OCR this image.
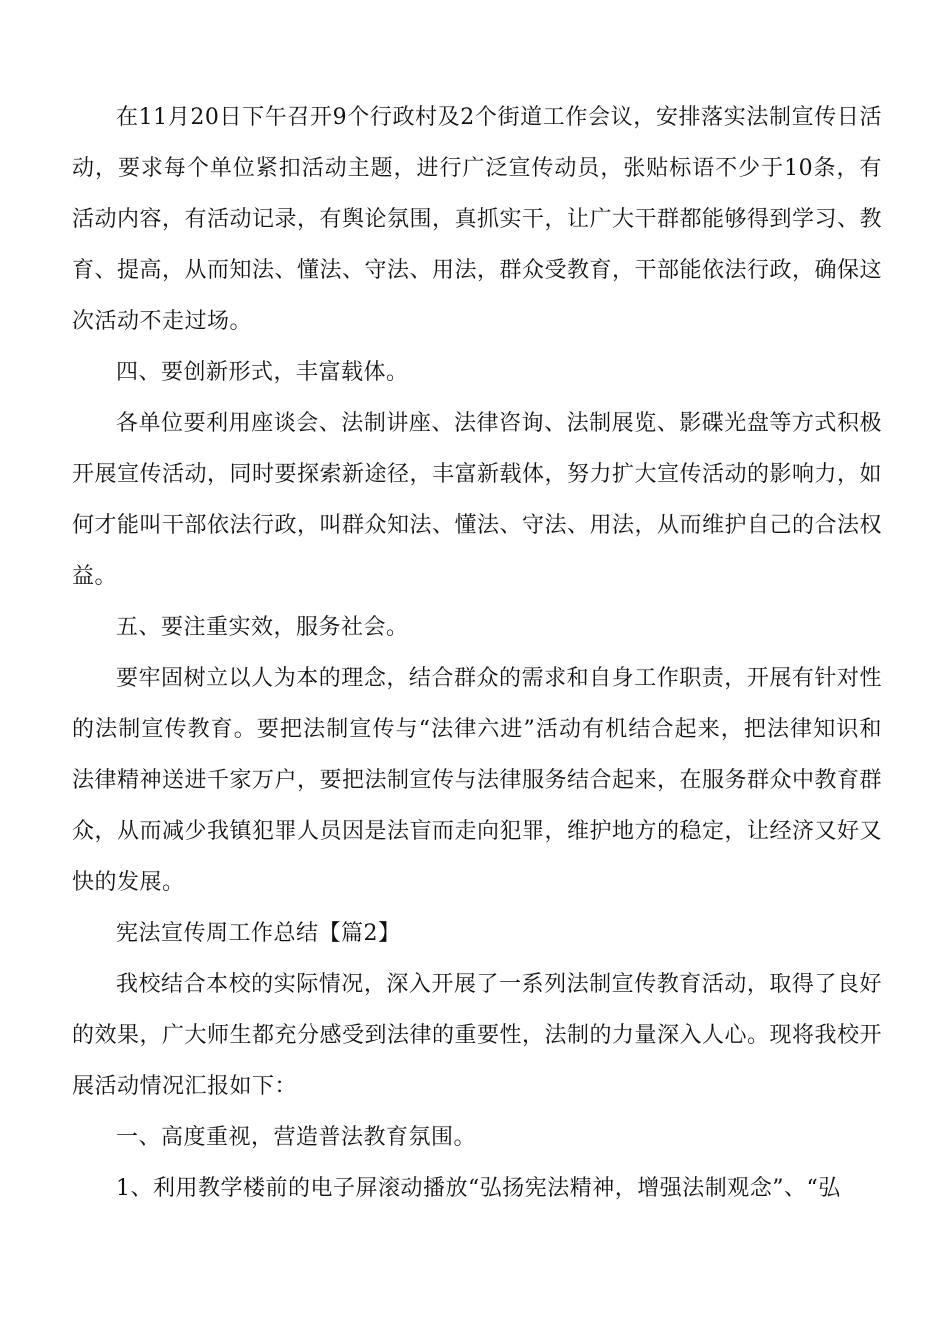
在11月20日下午召开9个行政村及2个街道工作会议，安排落实法制宣传日活动，要求每个单位紧扣活动主题，进行广泛宣传动员，张贴标语不少于10条，有活动内容，有活动记录，有舆论氛围，真抓实干，让广大干群都能够得到学习、教育、提高，从而知法、懂法、守法、用法，群众受教育，干部能依法行政，确保这次活动不走过场。

四、要创新形式，丰富载体。

各单位要利用座谈会、法制讲座、法律咨询、法制展览、影碟光盘等方式积极开展宣传活动，同时要探索新途径，丰富新载体，努力扩大宣传活动的影响力，如何才能叫干部依法行政，叫群众知法、懂法、守法、用法，从而维护自己的合法权益。

五、要注重实效，服务社会。

要牢固树立以人为本的理念，结合群众的需求和自身工作职责，开展有针对性的法制宣传教育。要把法制宣传与“法律六进”活动有机结合起来，把法律知识和法律精神送进千家万户，要把法制宣传与法律服务结合起来，在服务群众中教育群众，从而减少我镇犯罪人员因是法盲而走向犯罪，维护地方的稳定，让经济又好又快的发展。

宪法宣传周工作总结【篇2】

我校结合本校的实际情况，深入开展了一系列法制宣传教育活动，取得了良好的效果，广大师生都充分感受到法律的重要性，法制的力量深入人心。现将我校开展活动情况汇报如下：

一、高度重视，营造普法教育氛围。

1、利用教学楼前的电子屏滚动播放“弘扬宪法精神，增强法制观念”、“弘
